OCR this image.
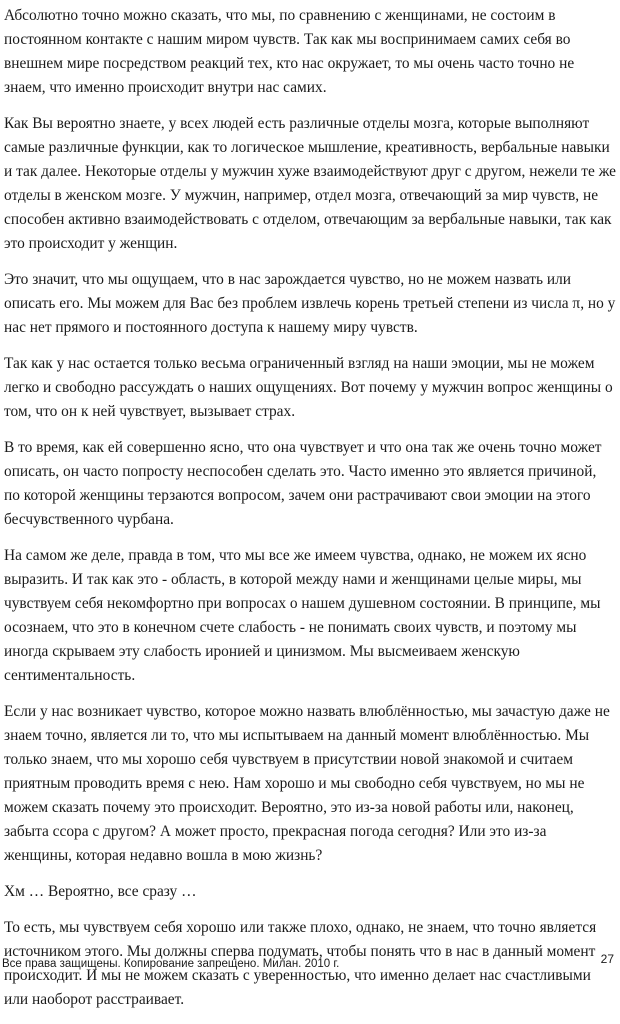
Абсолютно точно можно сказать, что мы, по сравнению с женщинами, не состоим в постоянном контакте с нашим миром чувств. Так как мы воспринимаем самих себя во внешнем мире посредством реакций тех, кто нас окружает, то мы очень часто точно не знаем, что именно происходит внутри нас самих.

Как Вы вероятно знаете, у всех людей есть различные отделы мозга, которые выполняют самые различные функции, как то логическое мышление, креативность, вербальные навыки и так далее. Некоторые отделы у мужчин хуже взаимодействуют друг с другом, нежели те же отделы в женском мозге. У мужчин, например, отдел мозга, отвечающий за мир чувств, не способен активно взаимодействовать с отделом, отвечающим за вербальные навыки, так как это происходит у женщин.

Это значит, что мы ощущаем, что в нас зарождается чувство, но не можем назвать или описать его. Мы можем для Вас без проблем извлечь корень третьей степени из числа π, но у нас нет прямого и постоянного доступа к нашему миру чувств.

Так как у нас остается только весьма ограниченный взгляд на наши эмоции, мы не можем легко и свободно рассуждать о наших ощущениях. Вот почему у мужчин вопрос женщины о том, что он к ней чувствует, вызывает страх.

В то время, как ей совершенно ясно, что она чувствует и что она так же очень точно может описать, он часто попросту неспособен сделать это. Часто именно это является причиной, по которой женщины терзаются вопросом, зачем они растрачивают свои эмоции на этого бесчувственного чурбана.

На самом же деле, правда в том, что мы все же имеем чувства, однако, не можем их ясно выразить. И так как это - область, в которой между нами и женщинами целые миры, мы чувствуем себя некомфортно при вопросах о нашем душевном состоянии. В принципе, мы осознаем, что это в конечном счете слабость - не понимать своих чувств, и поэтому мы иногда скрываем эту слабость иронией и цинизмом. Мы высмеиваем женскую сентиментальность.

Если у нас возникает чувство, которое можно назвать влюблённостью, мы зачастую даже не знаем точно, является ли то, что мы испытываем на данный момент влюблённостью. Мы только знаем, что мы хорошо себя чувствуем в присутствии новой знакомой и считаем приятным проводить время с нею. Нам хорошо и мы свободно себя чувствуем, но мы не можем сказать почему это происходит. Вероятно, это из-за новой работы или, наконец, забыта ссора с другом? А может просто, прекрасная погода сегодня? Или это из-за женщины, которая недавно вошла в мою жизнь?

Хм … Вероятно, все сразу …

То есть, мы чувствуем себя хорошо или также плохо, однако, не знаем, что точно является источником этого. Мы должны сперва подумать, чтобы понять что в нас в данный момент происходит. И мы не можем сказать с уверенностью, что именно делает нас счастливыми или наоборот расстраивает.

Все права защищены. Копирование запрещено. Милан. 2010 г.	27
